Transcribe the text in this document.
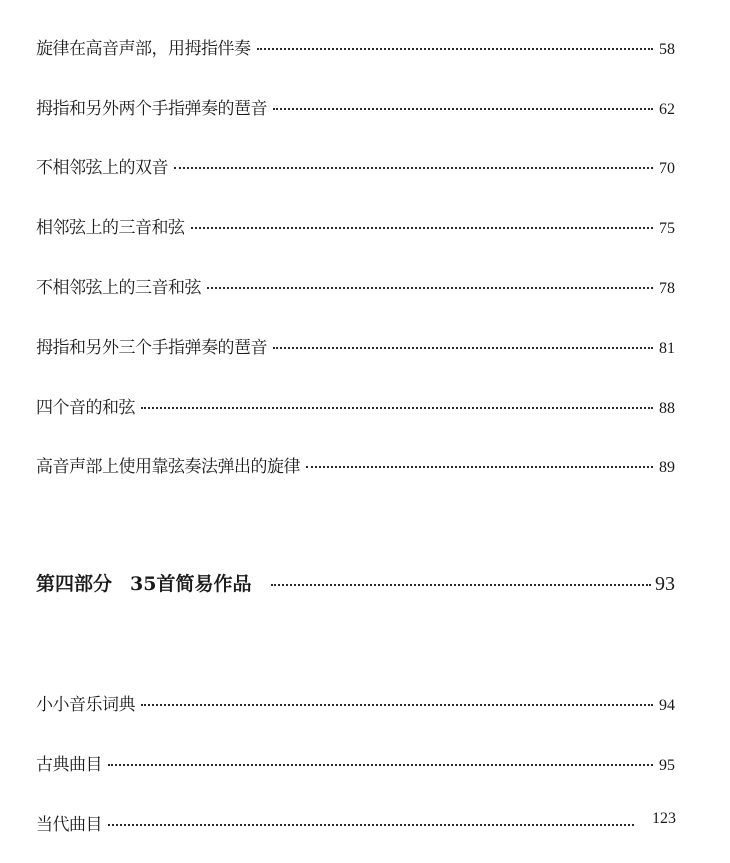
旋律在高音声部，用拇指伴奏	58
拇指和另外两个手指弹奏的琶音	62
不相邻弦上的双音	70
相邻弦上的三音和弦	75
不相邻弦上的三音和弦	78
拇指和另外三个手指弹奏的琶音	81
四个音的和弦	88
高音声部上使用靠弦奏法弹出的旋律	89
第四部分 35首简易作品	93
小小音乐词典	94
古典曲目	95
当代曲目	123
